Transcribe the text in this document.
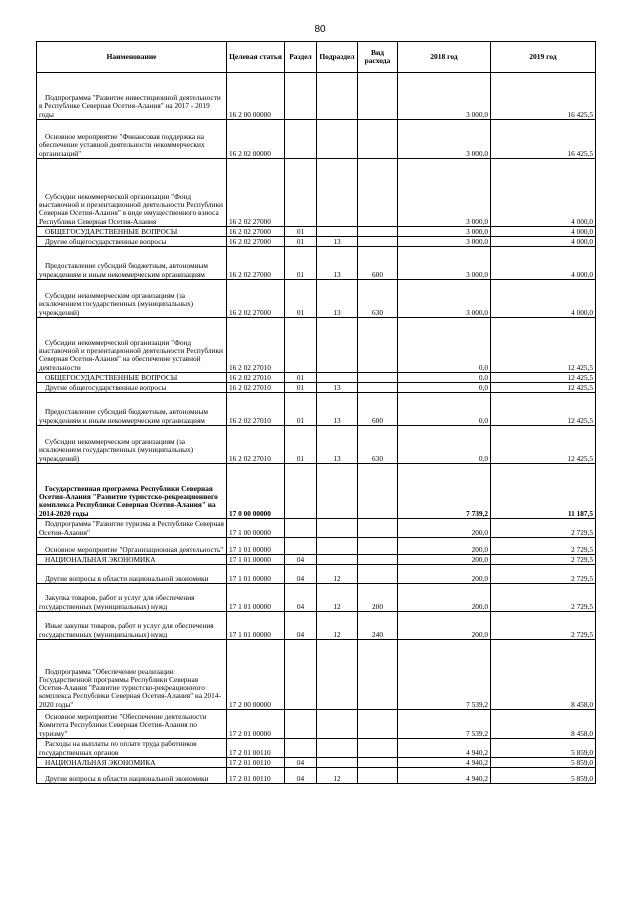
80
Наименование	Целевая статья	Раздел	Подраздел	Вид расхода	2018 год	2019 год
Подпрограмма "Развитие инвестиционной деятельности в Республике Северная Осетия-Алания" на 2017 - 2019 годы	16 2 00 00000				3 000,0	16 425,5
Основное мероприятие "Финансовая поддержка на обеспечение уставной деятельности некоммерческих организаций"	16 2 02 00000				3 000,0	16 425,5
Субсидии некоммерческой организации "Фонд выставочной и презентационной деятельности Республики Северная Осетия-Алания" в виде имущественного взноса Республики Северная Осетия-Алания	16 2 02 27000				3 000,0	4 000,0
ОБЩЕГОСУДАРСТВЕННЫЕ ВОПРОСЫ	16 2 02 27000	01			3 000,0	4 000,0
Другие общегосударственные вопросы	16 2 02 27000	01	13		3 000,0	4 000,0
Предоставление субсидий бюджетным, автономным учреждениям и иным некоммерческим организациям	16 2 02 27000	01	13	600	3 000,0	4 000,0
Субсидии некоммерческим организациям (за исключением государственных (муниципальных) учреждений)	16 2 02 27000	01	13	630	3 000,0	4 000,0
Субсидии некоммерческой организации "Фонд выставочной и презентационной деятельности Республики Северная Осетия-Алания" на обеспечение уставной деятельности	16 2 02 27010				0,0	12 425,5
ОБЩЕГОСУДАРСТВЕННЫЕ ВОПРОСЫ	16 2 02 27010	01			0,0	12 425,5
Другие общегосударственные вопросы	16 2 02 27010	01	13		0,0	12 425,5
Предоставление субсидий бюджетным, автономным учреждениям и иным некоммерческим организациям	16 2 02 27010	01	13	600	0,0	12 425,5
Субсидии некоммерческим организациям (за исключением государственных (муниципальных) учреждений)	16 2 02 27010	01	13	630	0,0	12 425,5
Государственная программа Республики Северная Осетия-Алания "Развитие туристско-рекреационного комплекса Республики Северная Осетия-Алания" на 2014-2020 годы	17 0 00 00000				7 739,2	11 187,5
Подпрограмма "Развитие туризма в Республике Северная Осетия-Алания"	17 1 00 00000				200,0	2 729,5
Основное мероприятие "Организационная деятельность"	17 1 01 00000				200,0	2 729,5
НАЦИОНАЛЬНАЯ ЭКОНОМИКА	17 1 01 00000	04			200,0	2 729,5
Другие вопросы в области национальной экономики	17 1 01 00000	04	12		200,0	2 729,5
Закупка товаров, работ и услуг для обеспечения государственных (муниципальных) нужд	17 1 01 00000	04	12	200	200,0	2 729,5
Иные закупки товаров, работ и услуг для обеспечения государственных (муниципальных) нужд	17 1 01 00000	04	12	240	200,0	2 729,5
Подпрограмма "Обеспечение реализации Государственной программы Республики Северная Осетия-Алания "Развитие туристско-рекреационного комплекса Республики Северная Осетия-Алания" на 2014-2020 годы"	17 2 00 00000				7 539,2	8 458,0
Основное мероприятие "Обеспечение деятельности Комитета Республики Северная Осетия-Алания по туризму"	17 2 01 00000				7 539,2	8 458,0
Расходы на выплаты по оплате труда работников государственных органов	17 2 01 00110				4 940,2	5 859,0
НАЦИОНАЛЬНАЯ ЭКОНОМИКА	17 2 01 00110	04			4 940,2	5 859,0
Другие вопросы в области национальной экономики	17 2 01 00110	04	12		4 940,2	5 859,0
